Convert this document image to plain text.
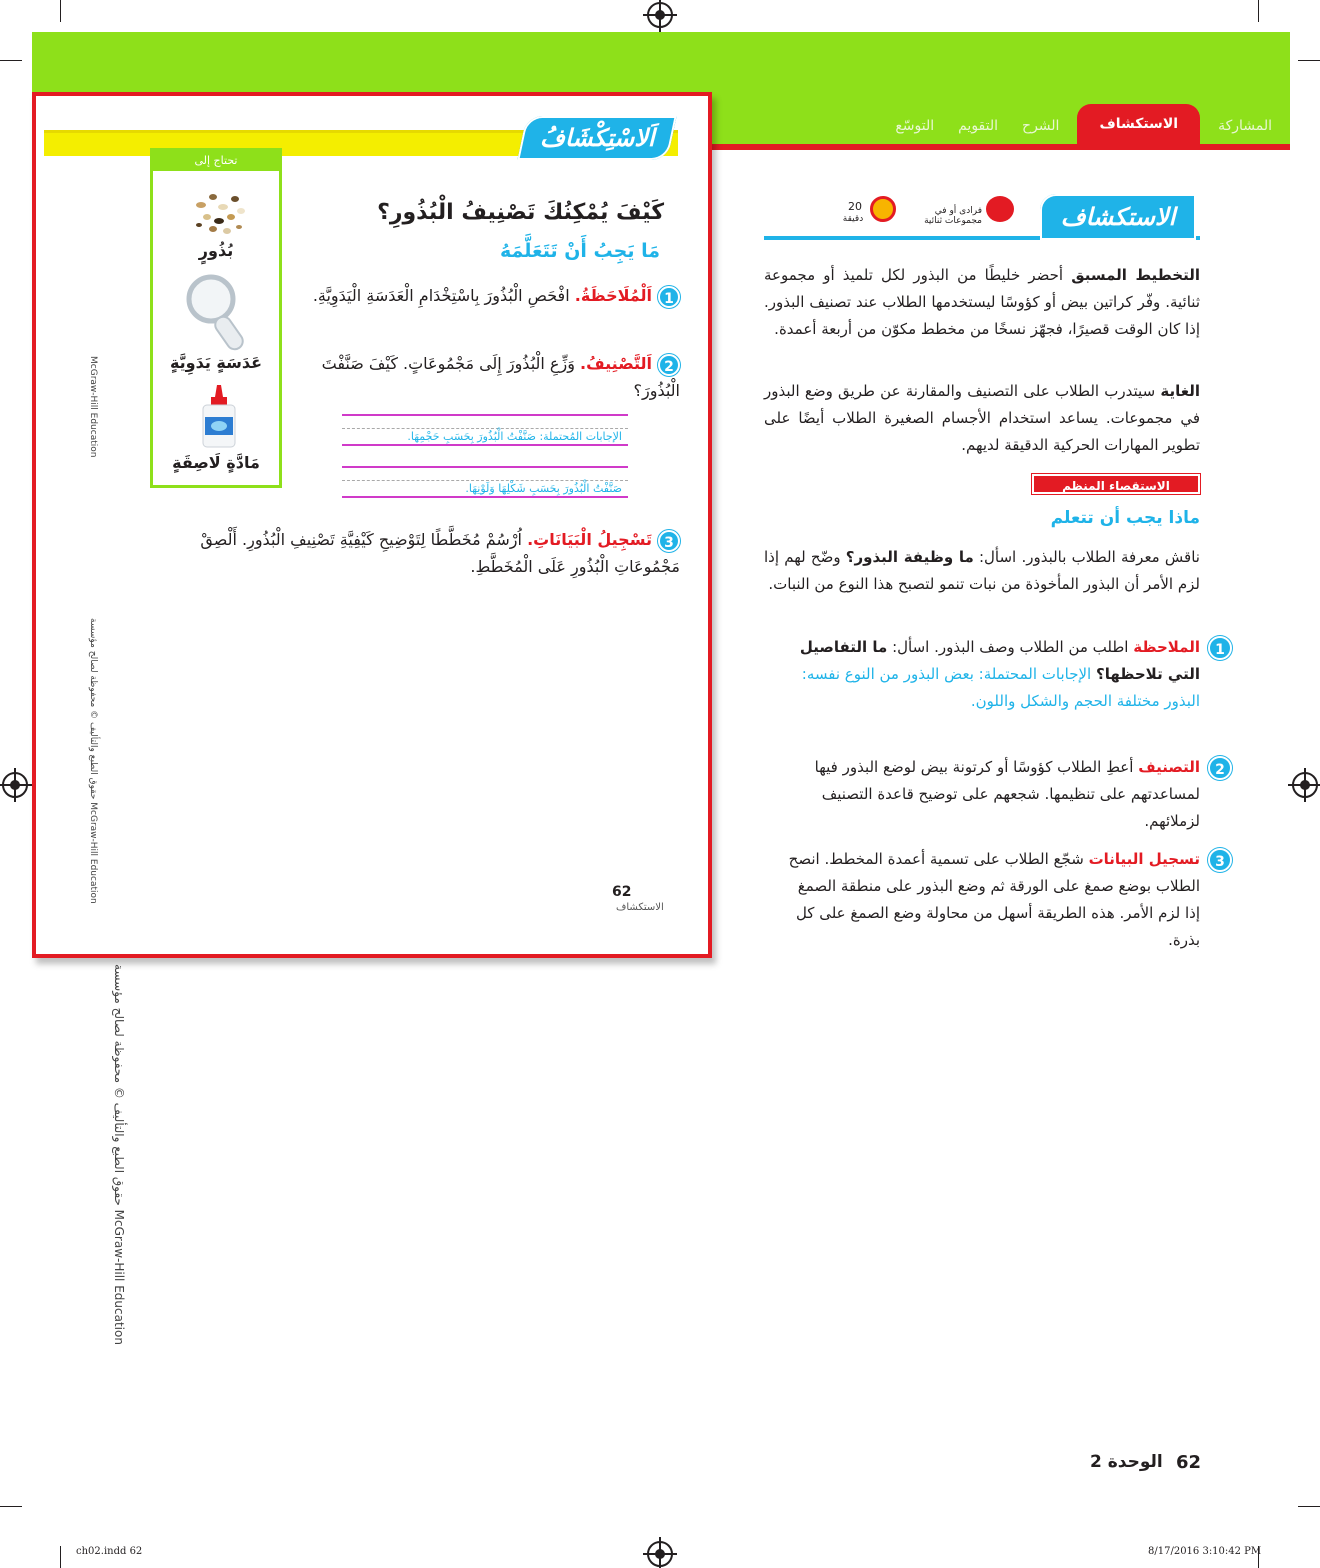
المشاركة
الاستكشاف
الشرح
التقويم
التوسّع
اَلاسْتِكْشَافُ
تحتاج إلى
بُذُورٍ
عَدَسَةٍ يَدَوِيَّةٍ
مَادَّةٍ لَاصِقَةٍ
كَيْفَ يُمْكِنُكَ تَصْنِيفُ الْبُذُورِ؟
مَا يَجِبُ أَنْ تَتَعَلَّمَهُ
1اَلْمُلَاحَظَةُ. افْحَصِ الْبُذُورَ بِاسْتِخْدَامِ الْعَدَسَةِ الْيَدَوِيَّةِ.
2اَلتَّصْنِيفُ. وَزِّعِ الْبُذُورَ إِلَى مَجْمُوعَاتٍ. كَيْفَ صَنَّفْتَ الْبُذُورَ؟
الإجابات المُحتملة: صَنَّفْتُ الْبُذُورَ بِحَسَبِ حَجْمِهَا.
صَنَّفْتُ الْبُذُورَ بِحَسَبِ شَكْلِهَا وَلَوْنِهَا.
3تَسْجِيلُ الْبَيَانَاتِ. اُرْسُمْ مُخَطَّطًا لِتَوْضِيحِ كَيْفِيَّةِ تَصْنِيفِ الْبُذُورِ. أَلْصِقْ مَجْمُوعَاتِ الْبُذُورِ عَلَى الْمُخَطَّطِ.
62
الاستكشاف
McGraw-Hill Education
حقوق الطبع والتأليف © محفوظة لصالح مؤسسة McGraw-Hill Education
حقوق الطبع والتأليف © محفوظة لصالح مؤسسة McGraw-Hill Education
الاستكشاف
20
دقيقة
فرادى أو في مجموعات ثنائية
التخطيط المسبق أحضر خليطًا من البذور لكل تلميذ أو مجموعة ثنائية. وفّر كراتين بيض أو كؤوسًا ليستخدمها الطلاب عند تصنيف البذور. إذا كان الوقت قصيرًا، فجهّز نسخًا من مخطط مكوّن من أربعة أعمدة.
الغاية سيتدرب الطلاب على التصنيف والمقارنة عن طريق وضع البذور في مجموعات. يساعد استخدام الأجسام الصغيرة الطلاب أيضًا على تطوير المهارات الحركية الدقيقة لديهم.
الاستقصاء المنظم
ماذا يجب أن تتعلم
ناقش معرفة الطلاب بالبذور. اسأل: ما وظيفة البذور؟ وضّح لهم إذا لزم الأمر أن البذور المأخوذة من نبات تنمو لتصبح هذا النوع من النبات.
1
الملاحظة اطلب من الطلاب وصف البذور. اسأل: ما التفاصيل التي تلاحظها؟ الإجابات المحتملة: بعض البذور من النوع نفسه: البذور مختلفة الحجم والشكل واللون.
2
التصنيف أعطِ الطلاب كؤوسًا أو كرتونة بيض لوضع البذور فيها لمساعدتهم على تنظيمها. شجعهم على توضيح قاعدة التصنيف لزملائهم.
3
تسجيل البيانات شجّع الطلاب على تسمية أعمدة المخطط. انصح الطلاب بوضع صمغ على الورقة ثم وضع البذور على منطقة الصمغ إذا لزم الأمر. هذه الطريقة أسهل من محاولة وضع الصمغ على كل بذرة.
الوحدة 2 62
ch02.indd 62	8/17/2016 3:10:42 PM
